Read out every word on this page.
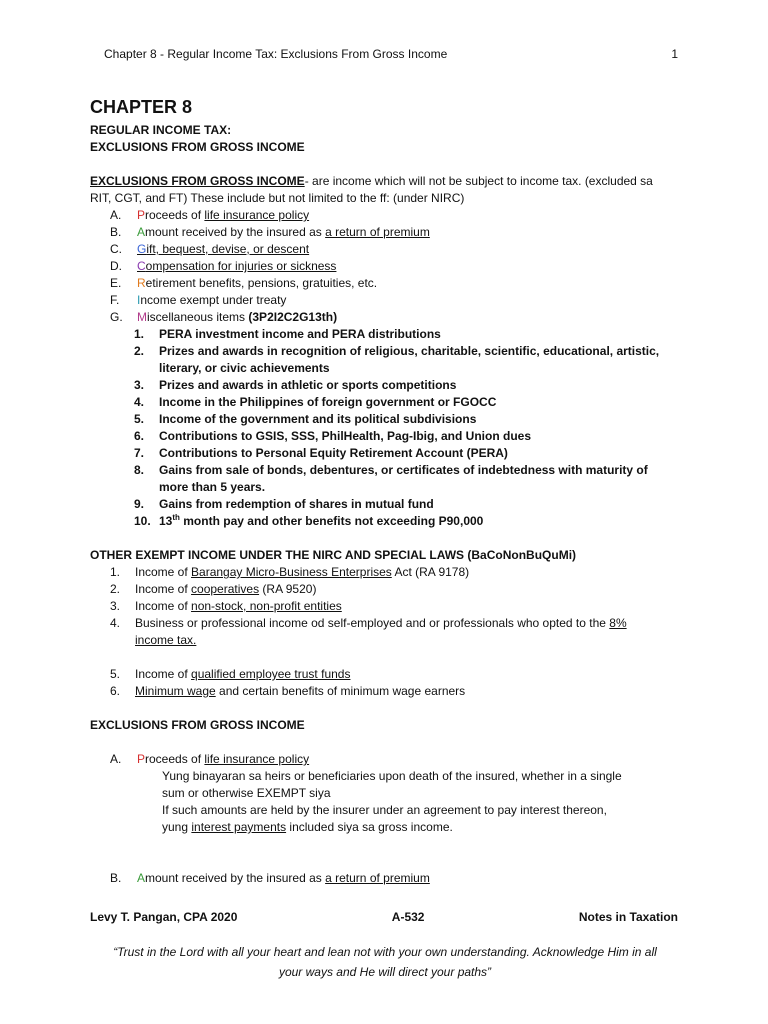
Chapter 8 - Regular Income Tax: Exclusions From Gross Income	1
CHAPTER 8
REGULAR INCOME TAX:
EXCLUSIONS FROM GROSS INCOME
EXCLUSIONS FROM GROSS INCOME- are income which will not be subject to income tax. (excluded sa
RIT, CGT, and FT) These include but not limited to the ff: (under NIRC)
A.	Proceeds of life insurance policy
B.	Amount received by the insured as a return of premium
C.	Gift, bequest, devise, or descent
D.	Compensation for injuries or sickness
E.	Retirement benefits, pensions, gratuities, etc.
F.	Income exempt under treaty
G.	Miscellaneous items (3P2I2C2G13th)
1.	PERA investment income and PERA distributions
2.	Prizes and awards in recognition of religious, charitable, scientific, educational, artistic,
literary, or civic achievements
3.	Prizes and awards in athletic or sports competitions
4.	Income in the Philippines of foreign government or FGOCC
5.	Income of the government and its political subdivisions
6.	Contributions to GSIS, SSS, PhilHealth, Pag-Ibig, and Union dues
7.	Contributions to Personal Equity Retirement Account (PERA)
8.	Gains from sale of bonds, debentures, or certificates of indebtedness with maturity of
more than 5 years.
9.	Gains from redemption of shares in mutual fund
10. 13th month pay and other benefits not exceeding P90,000
OTHER EXEMPT INCOME UNDER THE NIRC AND SPECIAL LAWS (BaCoNonBuQuMi)
1.	Income of Barangay Micro-Business Enterprises Act (RA 9178)
2.	Income of cooperatives (RA 9520)
3.	Income of non-stock, non-profit entities
4.	Business or professional income od self-employed and or professionals who opted to the 8%
income tax.
5.	Income of qualified employee trust funds
6.	Minimum wage and certain benefits of minimum wage earners
EXCLUSIONS FROM GROSS INCOME
A.	Proceeds of life insurance policy
Yung binayaran sa heirs or beneficiaries upon death of the insured, whether in a single
sum or otherwise EXEMPT siya
If such amounts are held by the insurer under an agreement to pay interest thereon,
yung interest payments included siya sa gross income.
B.	Amount received by the insured as a return of premium
Levy T. Pangan, CPA 2020	A-532	Notes in Taxation
“Trust in the Lord with all your heart and lean not with your own understanding. Acknowledge Him in all
your ways and He will direct your paths”
